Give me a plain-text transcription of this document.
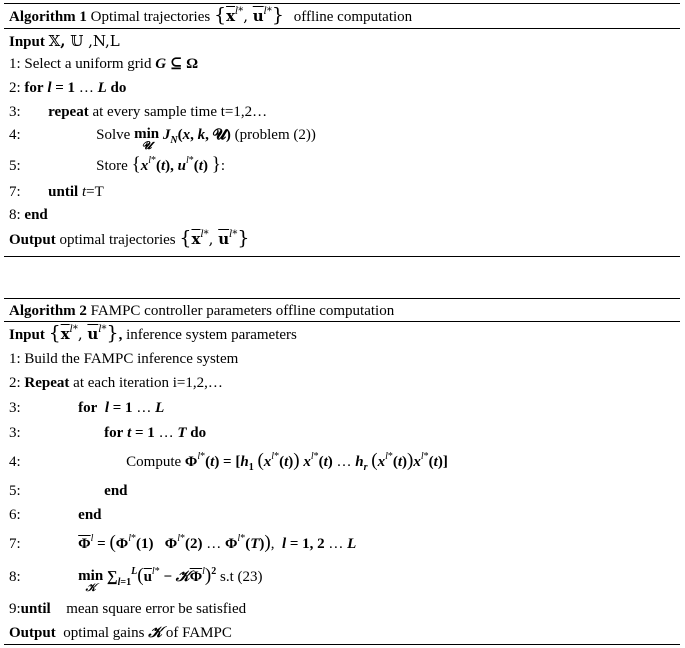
Algorithm 1 Optimal trajectories {$\overline{x}^{l*}$, $\overline{u}^{l*}$} offline computation
Input 𝕏, 𝕌 ,N,L
1: Select a uniform grid G ⊆ Ω
2: for l = 1 … L do
3: repeat at every sample time t=1,2…
4:	Solve min
𝓤
$J_N(x$, k, 𝓤) (problem (2))
5:	Store {$x^{l*}(t)$, $u^{l*}(t)$ }:
7: until t=T
8: end
Output optimal trajectories {$\overline{x}^{l*}$, $\overline{u}^{l*}$}
Algorithm 2 FAMPC controller parameters offline computation
Input {$\overline{x}^{l*}$, $\overline{u}^{l*}$}, inference system parameters
1: Build the FAMPC inference system
2: Repeat at each iteration i=1,2,…
3:	for l = 1 … L
3:	for t = 1 … T do
4:	Compute $\Phi^{l*}(t) = [h_1$ $(x^{l*}(t))$ $x^{l*}(t)$ … $h_r$ $(x^{l*}(t))x^{l*}(t)$]
5:	end
6:	end
7:	$\overline{\Phi}^l = (\Phi^{l*}(1)$ $\Phi^{l*}(2)$ … $\Phi^{l*}(T)$),  l = 1, 2 … L
8:	min
𝒦
$\sum_{l=1}^L(\overline{u}^{l*}$ − $𝒦\overline{\Phi}^l)^2$ s.t (23)
9:until  mean square error be satisfied
Output  optimal gains 𝒦 of FAMPC
